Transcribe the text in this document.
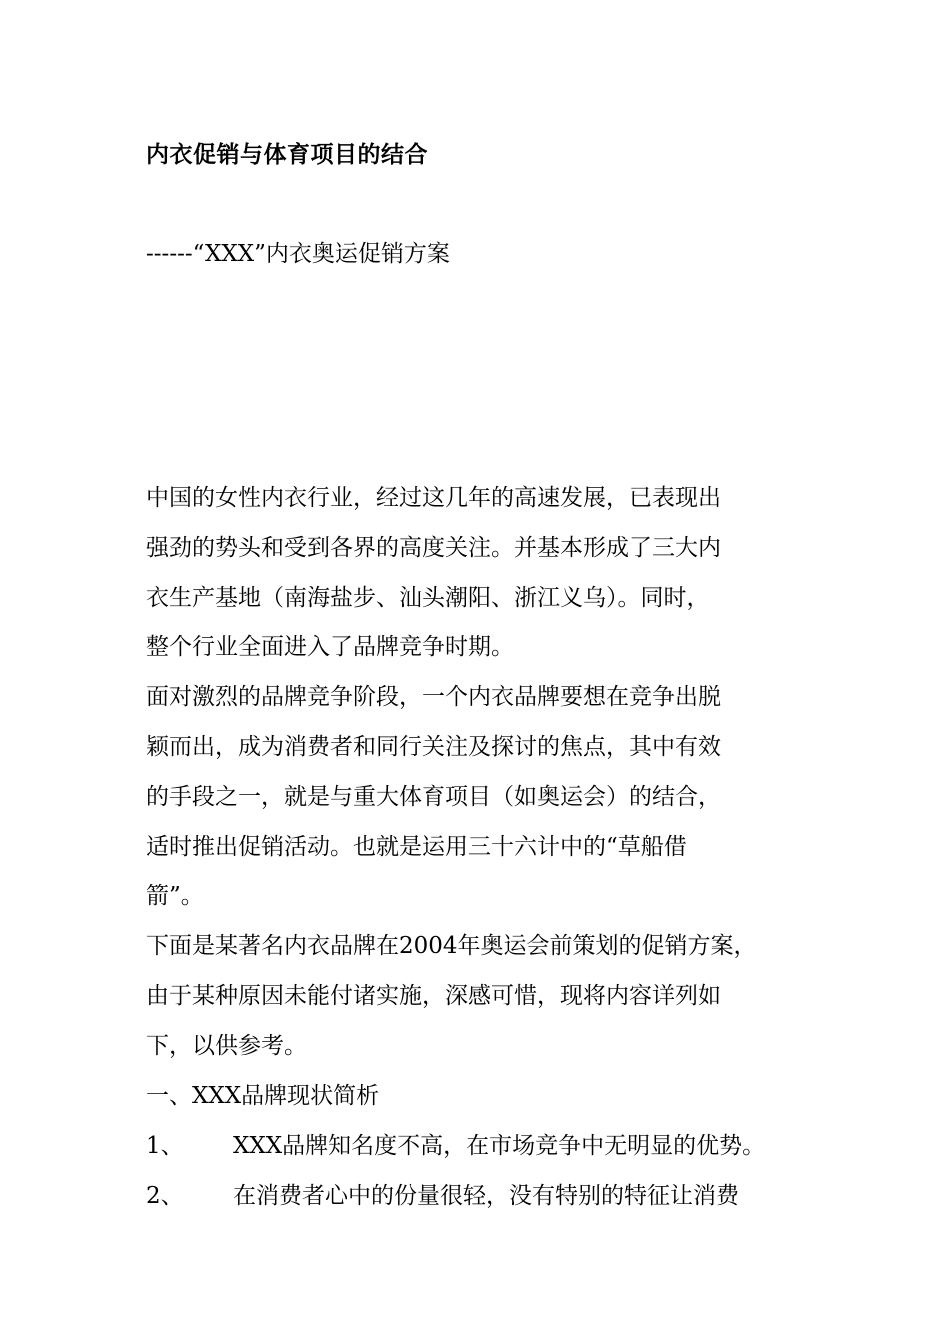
内衣促销与体育项目的结合
------“XXX”内衣奥运促销方案
中国的女性内衣行业，经过这几年的高速发展，已表现出
强劲的势头和受到各界的高度关注。并基本形成了三大内
衣生产基地（南海盐步、汕头潮阳、浙江义乌）。同时，
整个行业全面进入了品牌竞争时期。
面对激烈的品牌竞争阶段，一个内衣品牌要想在竞争出脱
颖而出，成为消费者和同行关注及探讨的焦点，其中有效
的手段之一，就是与重大体育项目（如奥运会）的结合，
适时推出促销活动。也就是运用三十六计中的“草船借
箭”。
下面是某著名内衣品牌在2004年奥运会前策划的促销方案，
由于某种原因未能付诸实施，深感可惜，现将内容详列如
下，以供参考。
一、XXX品牌现状简析
1、 XXX品牌知名度不高，在市场竞争中无明显的优势。
2、 在消费者心中的份量很轻，没有特别的特征让消费
